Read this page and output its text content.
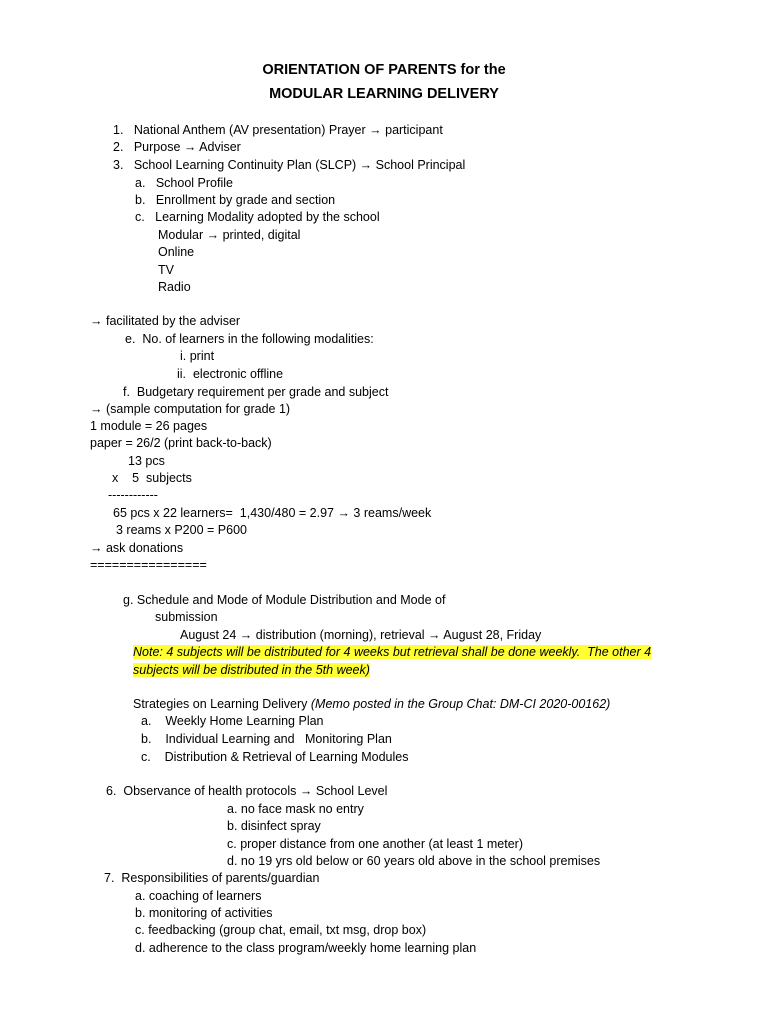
ORIENTATION OF PARENTS for the
MODULAR LEARNING DELIVERY
1.   National Anthem (AV presentation) Prayer → participant
2.   Purpose → Adviser
3.   School Learning Continuity Plan (SLCP) → School Principal
a.   School Profile
b.   Enrollment by grade and section
c.   Learning Modality adopted by the school
Modular → printed, digital
Online
TV
Radio
→ facilitated by the adviser
e.  No. of learners in the following modalities:
i. print
ii.  electronic offline
f.  Budgetary requirement per grade and subject
→ (sample computation for grade 1)
1 module = 26 pages
paper = 26/2 (print back-to-back)
13 pcs
x    5  subjects
------------
65 pcs x 22 learners=  1,430/480 = 2.97 → 3 reams/week
3 reams x P200 = P600
→ ask donations
================
g. Schedule and Mode of Module Distribution and Mode of
submission
August 24 → distribution (morning), retrieval → August 28, Friday
Note: 4 subjects will be distributed for 4 weeks but retrieval shall be done weekly.  The other 4
subjects will be distributed in the 5th week)
Strategies on Learning Delivery (Memo posted in the Group Chat: DM-CI 2020-00162)
a.    Weekly Home Learning Plan
b.    Individual Learning and   Monitoring Plan
c.    Distribution & Retrieval of Learning Modules
6.  Observance of health protocols → School Level
a. no face mask no entry
b. disinfect spray
c. proper distance from one another (at least 1 meter)
d. no 19 yrs old below or 60 years old above in the school premises
7.  Responsibilities of parents/guardian
a. coaching of learners
b. monitoring of activities
c. feedbacking (group chat, email, txt msg, drop box)
d. adherence to the class program/weekly home learning plan
